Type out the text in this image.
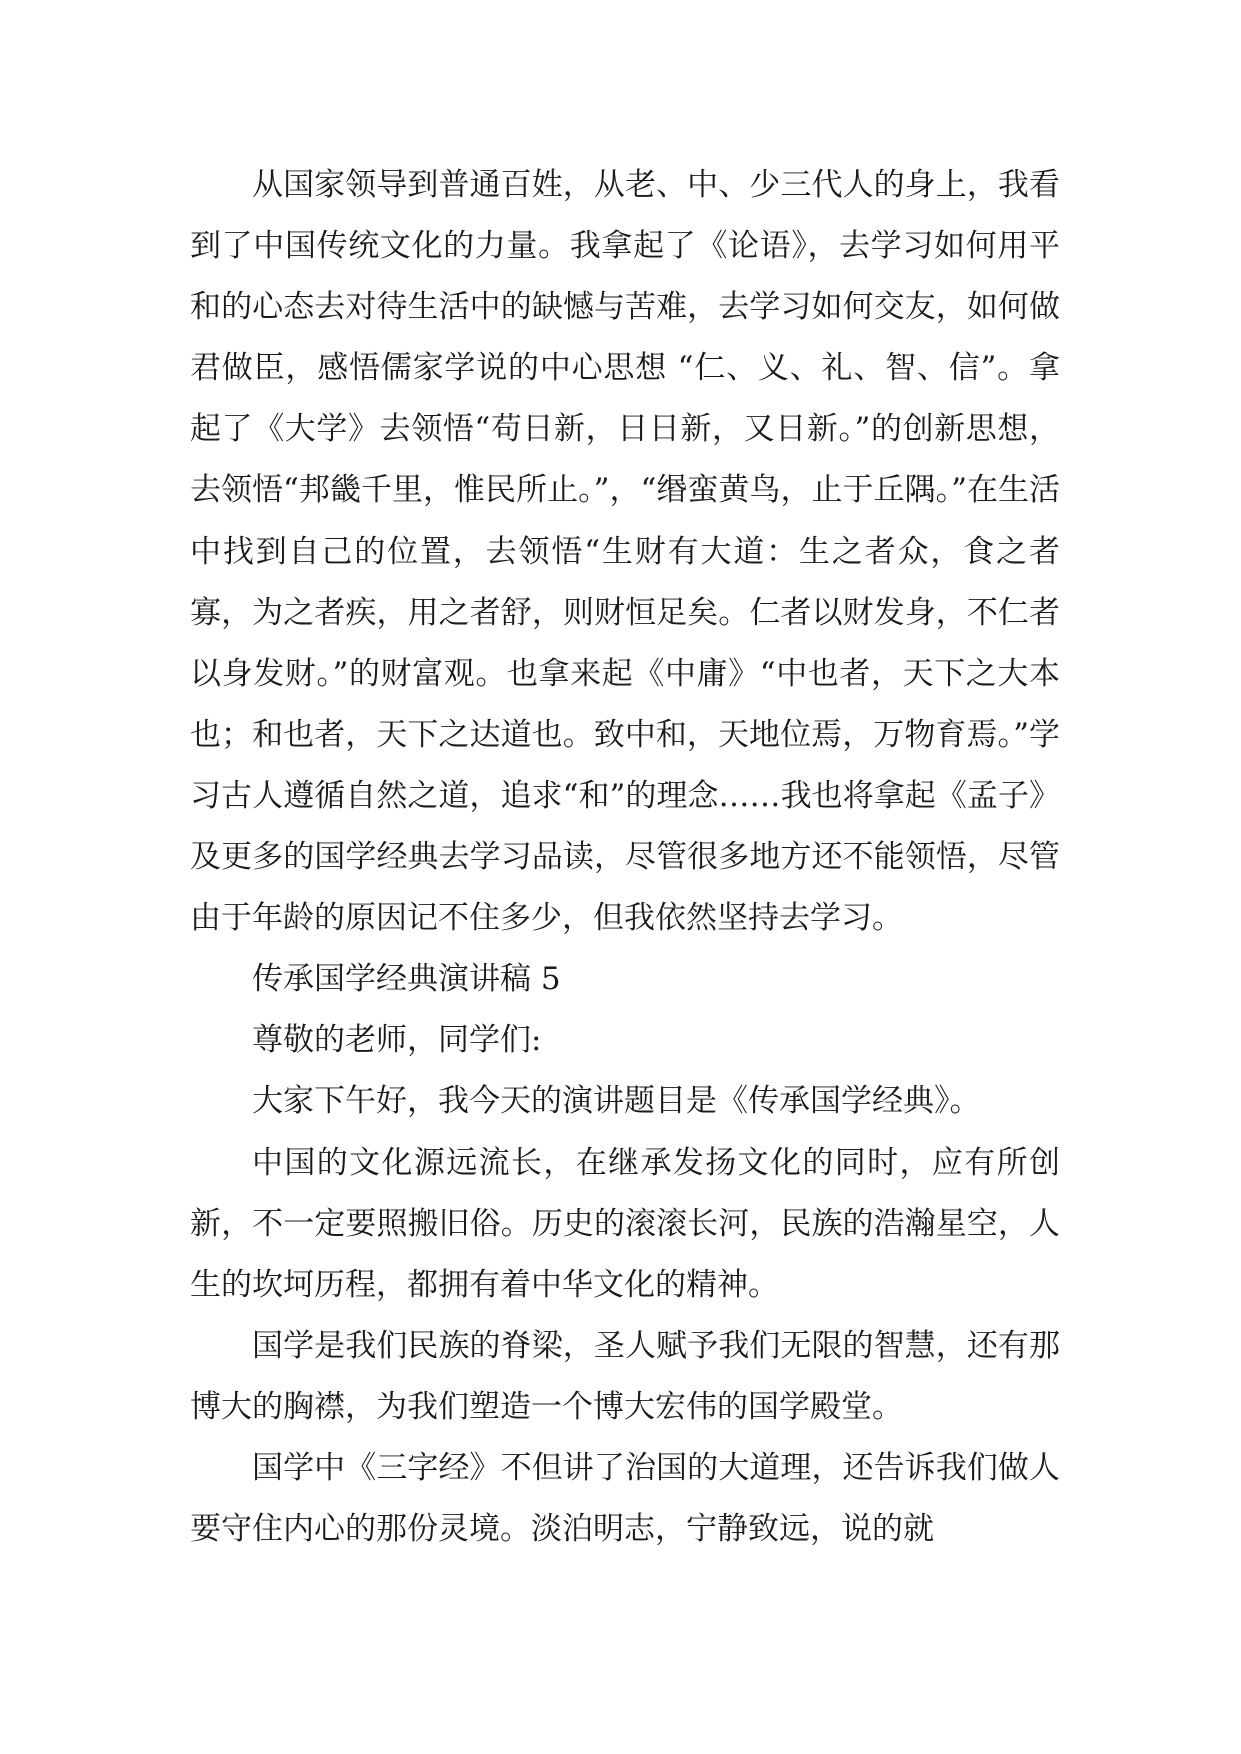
从国家领导到普通百姓，从老、中、少三代人的身上，我看到了中国传统文化的力量。我拿起了《论语》，去学习如何用平和的心态去对待生活中的缺憾与苦难，去学习如何交友，如何做君做臣，感悟儒家学说的中心思想 “仁、义、礼、智、信”。拿起了《大学》去领悟“苟日新，日日新，又日新。”的创新思想，去领悟“邦畿千里，惟民所止。”，“缗蛮黄鸟，止于丘隅。”在生活中找到自己的位置，去领悟“生财有大道：生之者众，食之者寡，为之者疾，用之者舒，则财恒足矣。仁者以财发身，不仁者以身发财。”的财富观。也拿来起《中庸》“中也者，天下之大本也；和也者，天下之达道也。致中和，天地位焉，万物育焉。”学习古人遵循自然之道，追求“和”的理念……我也将拿起《孟子》及更多的国学经典去学习品读，尽管很多地方还不能领悟，尽管由于年龄的原因记不住多少，但我依然坚持去学习。

传承国学经典演讲稿 5

尊敬的老师，同学们:

大家下午好，我今天的演讲题目是《传承国学经典》。

中国的文化源远流长，在继承发扬文化的同时，应有所创新，不一定要照搬旧俗。历史的滚滚长河，民族的浩瀚星空，人生的坎坷历程，都拥有着中华文化的精神。

国学是我们民族的脊梁，圣人赋予我们无限的智慧，还有那博大的胸襟，为我们塑造一个博大宏伟的国学殿堂。

国学中《三字经》不但讲了治国的大道理，还告诉我们做人要守住内心的那份灵境。淡泊明志，宁静致远，说的就
